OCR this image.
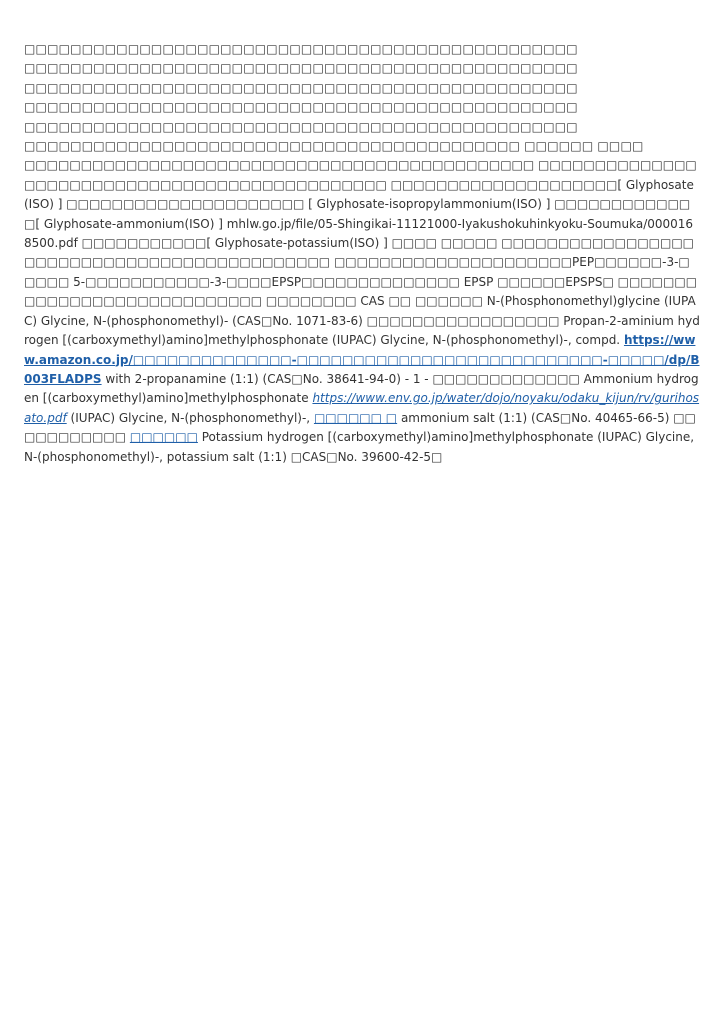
□□□□□□□□□□□□□□□□□□□□□□□□□□□□□□□□□□□□□□□□□□□□□□□□
□□□□□□□□□□□□□□□□□□□□□□□□□□□□□□□□□□□□□□□□□□□□□□□□
□□□□□□□□□□□□□□□□□□□□□□□□□□□□□□□□□□□□□□□□□□□□□□□□
□□□□□□□□□□□□□□□□□□□□□□□□□□□□□□□□□□□□□□□□□□□□□□□□
□□□□□□□□□□□□□□□□□□□□□□□□□□□□□□□□□□□□□□□□□□□□□□□□
□□□□□□□□□□□□□□□□□□□□□□□□□□□□□□□□□□□□□□□□□□□ □□□□□□ □□□□
□□□□□□□□□□□□□□□□□□□□□□□□□□□□□□□□□□□□□□□□□□□□□ □□□□□□□□□□□□□□□□□□□□□□□□□□□□□□□□□□□□□□□□□□□□□□ □□□□□□□□□□□□□□□□□□□□[ Glyphosate(ISO) ] □□□□□□□□□□□□□□□□□□□□□ [ Glyphosate-isopropylammonium(ISO) ] □□□□□□□□□□□□□[ Glyphosate-ammonium(ISO) ] mhlw.go.jp/file/05-Shingikai-11121000-Iyakushokuhinkyoku-Soumuka/0000168500.pdf □□□□□□□□□□□[ Glyphosate-potassium(ISO) ] □□□□ □□□□□ □□□□□□□□□□□□□□□□□□□□□□□□□□□□□□□□□□□□□□□□□□□□ □□□□□□□□□□□□□□□□□□□□□PEP□□□□□□-3-□□□□□ 5-□□□□□□□□□□□-3-□□□□EPSP□□□□□□□□□□□□□□ EPSP □□□□□□EPSPS□ □□□□□□□□□□□□□□□□□□□□□□□□□□□□ □□□□□□□□ CAS □□ □□□□□□ N-(Phosphonomethyl)glycine (IUPAC) Glycine, N-(phosphonomethyl)- (CAS□No. 1071-83-6) □□□□□□□□□□□□□□□□□ Propan-2-aminium hydrogen [(carboxymethyl)amino]methylphosphonate (IUPAC) Glycine, N-(phosphonomethyl)-, compd. https://www.amazon.co.jp/□□□□□□□□□□□□□□-□□□□□□□□□□□□□□□□□□□□□□□□□□□-□□□□□/dp/B003FLADPS with 2-propanamine (1:1) (CAS□No. 38641-94-0) - 1 - □□□□□□□□□□□□□ Ammonium hydrogen [(carboxymethyl)amino]methylphosphonate https://www.env.go.jp/water/dojo/noyaku/odaku_kijun/rv/gurihosato.pdf (IUPAC) Glycine, N-(phosphonomethyl)-, □□□□□□ □ ammonium salt (1:1) (CAS□No. 40465-66-5) □□□□□□□□□□□ □□□□□□ Potassium hydrogen [(carboxymethyl)amino]methylphosphonate (IUPAC) Glycine, N-(phosphonomethyl)-, potassium salt (1:1) □CAS□No. 39600-42-5□
